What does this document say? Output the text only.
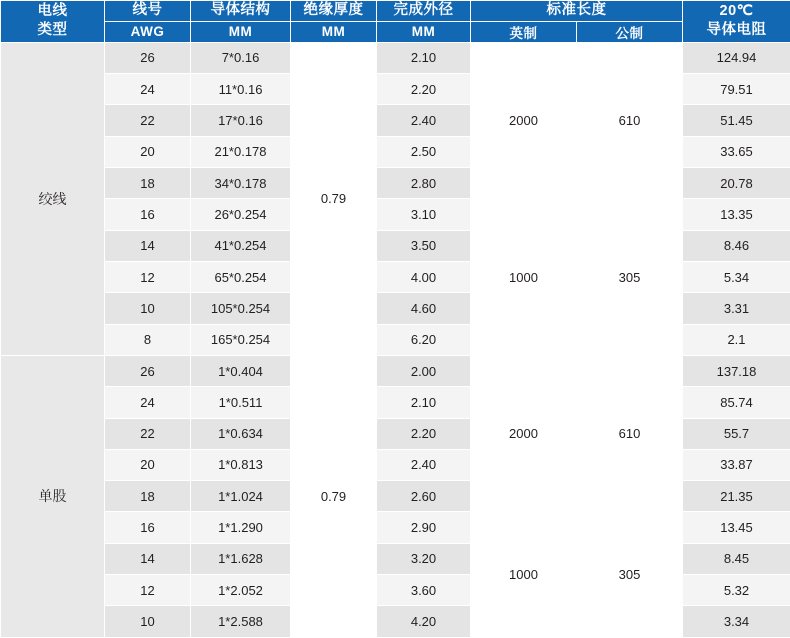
电线
类型
	线号	导体结构	绝缘厚度	完成外径	标准长度	20℃
导体电阻

	AWG	MM	MM	MM	英制	公制	
绞线	26	7*0.16	0.79	2.10	2000	610	124.94
	24	11*0.16		2.20			79.51
	22	17*0.16		2.40			51.45
	20	21*0.178		2.50			33.65
	18	34*0.178		2.80			20.78
	16	26*0.254		3.10	1000	305	13.35
	14	41*0.254		3.50			8.46
	12	65*0.254		4.00			5.34
	10	105*0.254		4.60			3.31
	8	165*0.254		6.20			2.1
单股	26	1*0.404	0.79	2.00	2000	610	137.18
	24	1*0.511		2.10			85.74
	22	1*0.634		2.20			55.7
	20	1*0.813		2.40			33.87
	18	1*1.024		2.60			21.35
	16	1*1.290		2.90	1000	305	13.45
	14	1*1.628		3.20			8.45
	12	1*2.052		3.60			5.32
	10	1*2.588		4.20			3.34
